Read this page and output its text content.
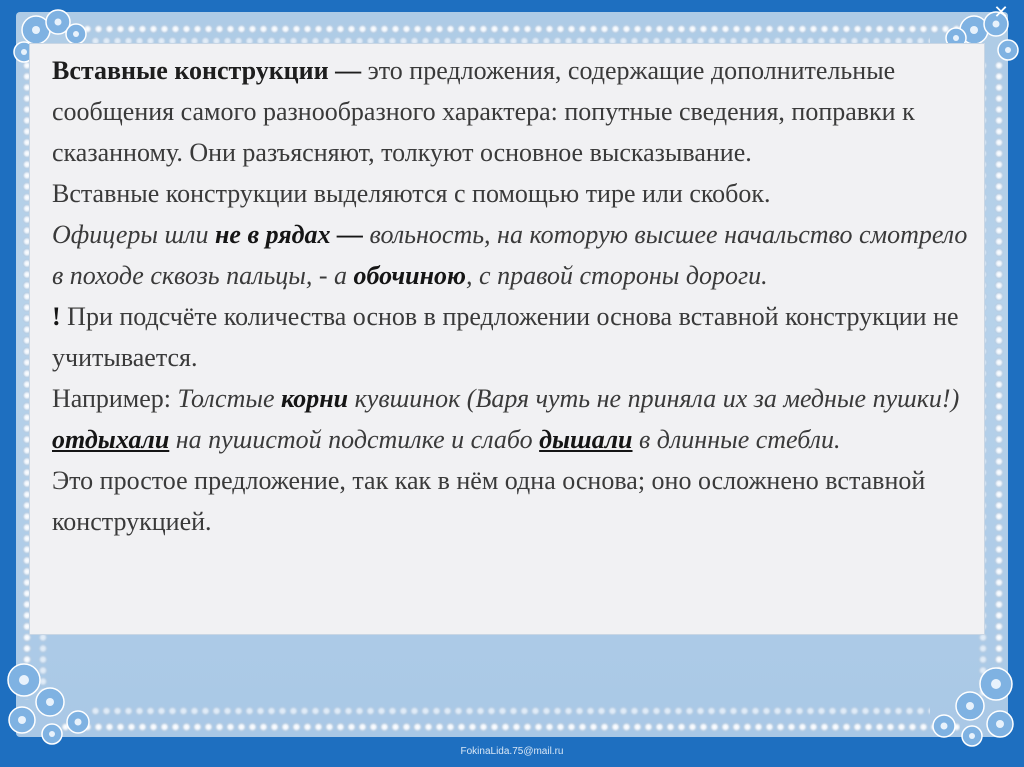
✕

Вставные конструкции — это предложения, содержащие дополнительные сообщения самого разнообразного характера: попутные сведения, поправки к сказанному. Они разъясняют, толкуют основное высказывание.

Вставные конструкции выделяются с помощью тире или скобок.

Офицеры шли не в рядах — вольность, на которую высшее начальство смотрело в походе сквозь пальцы, - а обочиною, с правой стороны дороги.

! При подсчёте количества основ в предложении основа вставной конструкции не учитывается.

Например: Толстые корни кувшинок (Варя чуть не приняла их за медные пушки!) отдыхали на пушистой подстилке и слабо дышали в длинные стебли.

Это простое предложение, так как в нём одна основа; оно осложнено вставной конструкцией.

FokinaLida.75@mail.ru
